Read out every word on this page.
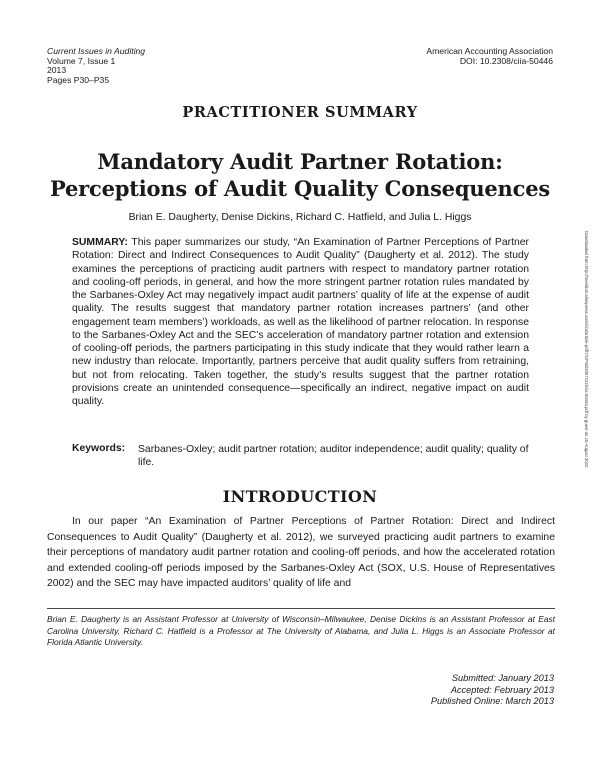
Current Issues in Auditing
Volume 7, Issue 1
2013
Pages P30–P35
American Accounting Association
DOI: 10.2308/ciia-50446
PRACTITIONER SUMMARY
Mandatory Audit Partner Rotation:
Perceptions of Audit Quality Consequences
Brian E. Daugherty, Denise Dickins, Richard C. Hatfield, and Julia L. Higgs
SUMMARY: This paper summarizes our study, “An Examination of Partner Perceptions of Partner Rotation: Direct and Indirect Consequences to Audit Quality” (Daugherty et al. 2012). The study examines the perceptions of practicing audit partners with respect to mandatory partner rotation and cooling-off periods, in general, and how the more stringent partner rotation rules mandated by the Sarbanes-Oxley Act may negatively impact audit partners’ quality of life at the expense of audit quality. The results suggest that mandatory partner rotation increases partners’ (and other engagement team members’) workloads, as well as the likelihood of partner relocation. In response to the Sarbanes-Oxley Act and the SEC’s acceleration of mandatory partner rotation and extension of cooling-off periods, the partners participating in this study indicate that they would rather learn a new industry than relocate. Importantly, partners perceive that audit quality suffers from retraining, but not from relocating. Taken together, the study’s results suggest that the partner rotation provisions create an unintended consequence—specifically an indirect, negative impact on audit quality.
Keywords: Sarbanes-Oxley; audit partner rotation; auditor independence; audit quality; quality of life.
INTRODUCTION
In our paper “An Examination of Partner Perceptions of Partner Rotation: Direct and Indirect Consequences to Audit Quality” (Daugherty et al. 2012), we surveyed practicing audit partners to examine their perceptions of mandatory audit partner rotation and cooling-off periods, and how the accelerated rotation and extended cooling-off periods imposed by the Sarbanes-Oxley Act (SOX, U.S. House of Representatives 2002) and the SEC may have impacted auditors’ quality of life and
Brian E. Daugherty is an Assistant Professor at University of Wisconsin–Milwaukee, Denise Dickins is an Assistant Professor at East Carolina University, Richard C. Hatfield is a Professor at The University of Alabama, and Julia L. Higgs is an Associate Professor at Florida Atlantic University.
Submitted: January 2013
Accepted: February 2013
Published Online: March 2013
Downloaded from http://meridian.allenpress.com/ciia/article-pdf/7/1/P30/2057122/ciia-50446.pdf by guest on 10 August 2022
